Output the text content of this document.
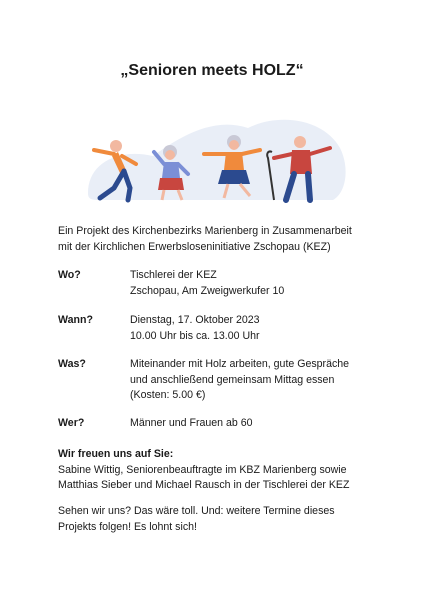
„Senioren meets HOLZ“

Ein Projekt des Kirchenbezirks Marienberg in Zusammenarbeit

mit der Kirchlichen Erwerbsloseninitiative Zschopau (KEZ)

Wo?	Tischlerei der KEZ

Zschopau, Am Zweigwerkufer 10

Wann?	Dienstag, 17. Oktober 2023

10.00 Uhr bis ca. 13.00 Uhr

Was?	Miteinander mit Holz arbeiten, gute Gespräche

und anschließend gemeinsam Mittag essen

(Kosten: 5.00 €)

Wer?	Männer und Frauen ab 60

Wir freuen uns auf Sie:

Sabine Wittig, Seniorenbeauftragte im KBZ Marienberg sowie

Matthias Sieber und Michael Rausch in der Tischlerei der KEZ

Sehen wir uns? Das wäre toll. Und: weitere Termine dieses

Projekts folgen! Es lohnt sich!
